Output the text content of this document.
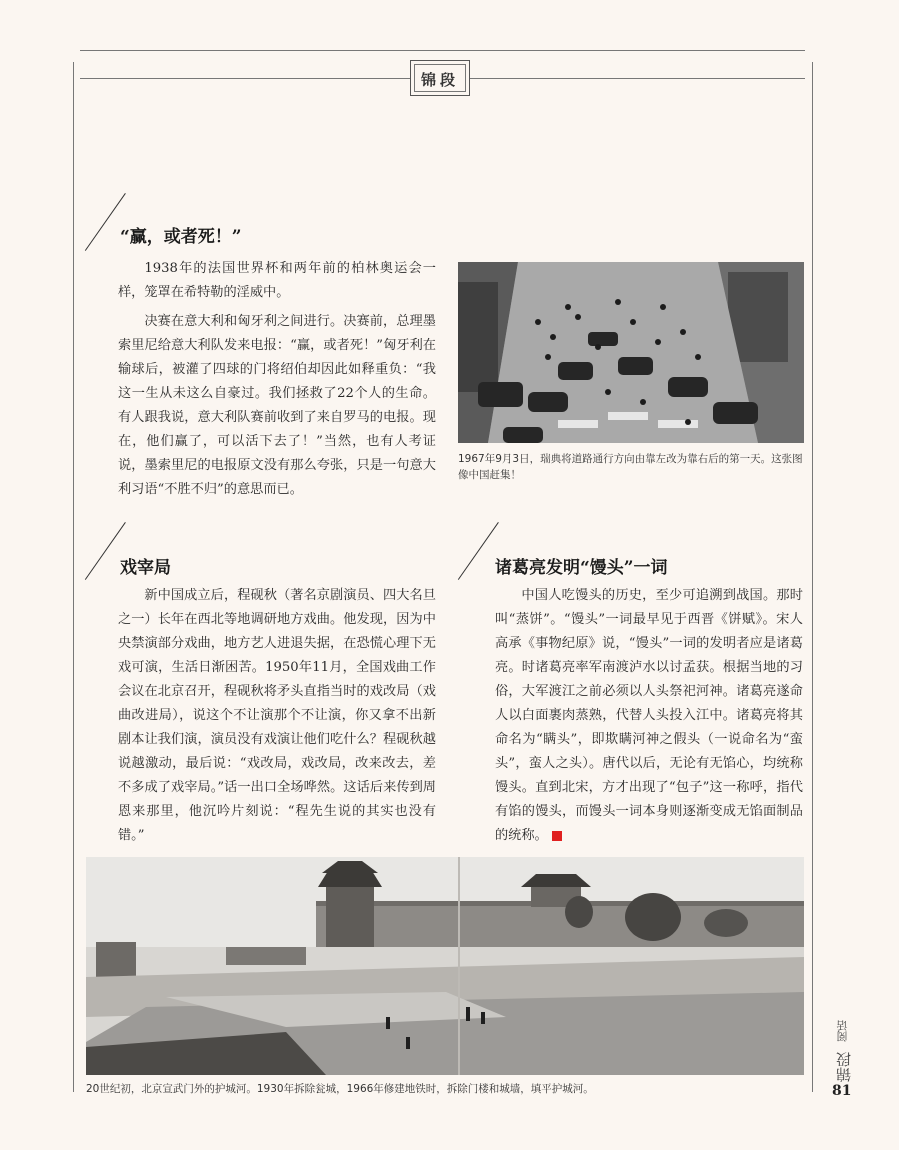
锦段
“赢，或者死！”

1938年的法国世界杯和两年前的柏林奥运会一样，笼罩在希特勒的淫威中。

决赛在意大利和匈牙利之间进行。决赛前，总理墨索里尼给意大利队发来电报：“赢，或者死！”匈牙利在输球后，被灌了四球的门将绍伯却因此如释重负：“我这一生从未这么自豪过。我们拯救了22个人的生命。有人跟我说，意大利队赛前收到了来自罗马的电报。现在，他们赢了，可以活下去了！”当然，也有人考证说，墨索里尼的电报原文没有那么夸张，只是一句意大利习语“不胜不归”的意思而已。

1967年9月3日，瑞典将道路通行方向由靠左改为靠右后的第一天。这张图像中国赶集！
戏宰局

新中国成立后，程砚秋（著名京剧演员、四大名旦之一）长年在西北等地调研地方戏曲。他发现，因为中央禁演部分戏曲，地方艺人进退失据，在恐慌心理下无戏可演，生活日渐困苦。1950年11月，全国戏曲工作会议在北京召开，程砚秋将矛头直指当时的戏改局（戏曲改进局），说这个不让演那个不让演，你又拿不出新剧本让我们演，演员没有戏演让他们吃什么？程砚秋越说越激动，最后说：“戏改局，戏改局，改来改去，差不多成了戏宰局。”话一出口全场哗然。这话后来传到周恩来那里，他沉吟片刻说：“程先生说的其实也没有错。”

诸葛亮发明“馒头”一词

中国人吃馒头的历史，至少可追溯到战国。那时叫“蒸饼”。“馒头”一词最早见于西晋《饼赋》。宋人高承《事物纪原》说，“馒头”一词的发明者应是诸葛亮。时诸葛亮率军南渡泸水以讨孟获。根据当地的习俗，大军渡江之前必须以人头祭祀河神。诸葛亮遂命人以白面裹肉蒸熟，代替人头投入江中。诸葛亮将其命名为“瞒头”，即欺瞒河神之假头（一说命名为“蛮头”，蛮人之头）。唐代以后，无论有无馅心，均统称馒头。直到北宋，方才出现了“包子”这一称呼，指代有馅的馒头，而馒头一词本身则逐渐变成无馅面制品的统称。

20世纪初，北京宣武门外的护城河。1930年拆除瓮城，1966年修建地铁时，拆除门楼和城墙，填平护城河。
阅话
锦段
81
